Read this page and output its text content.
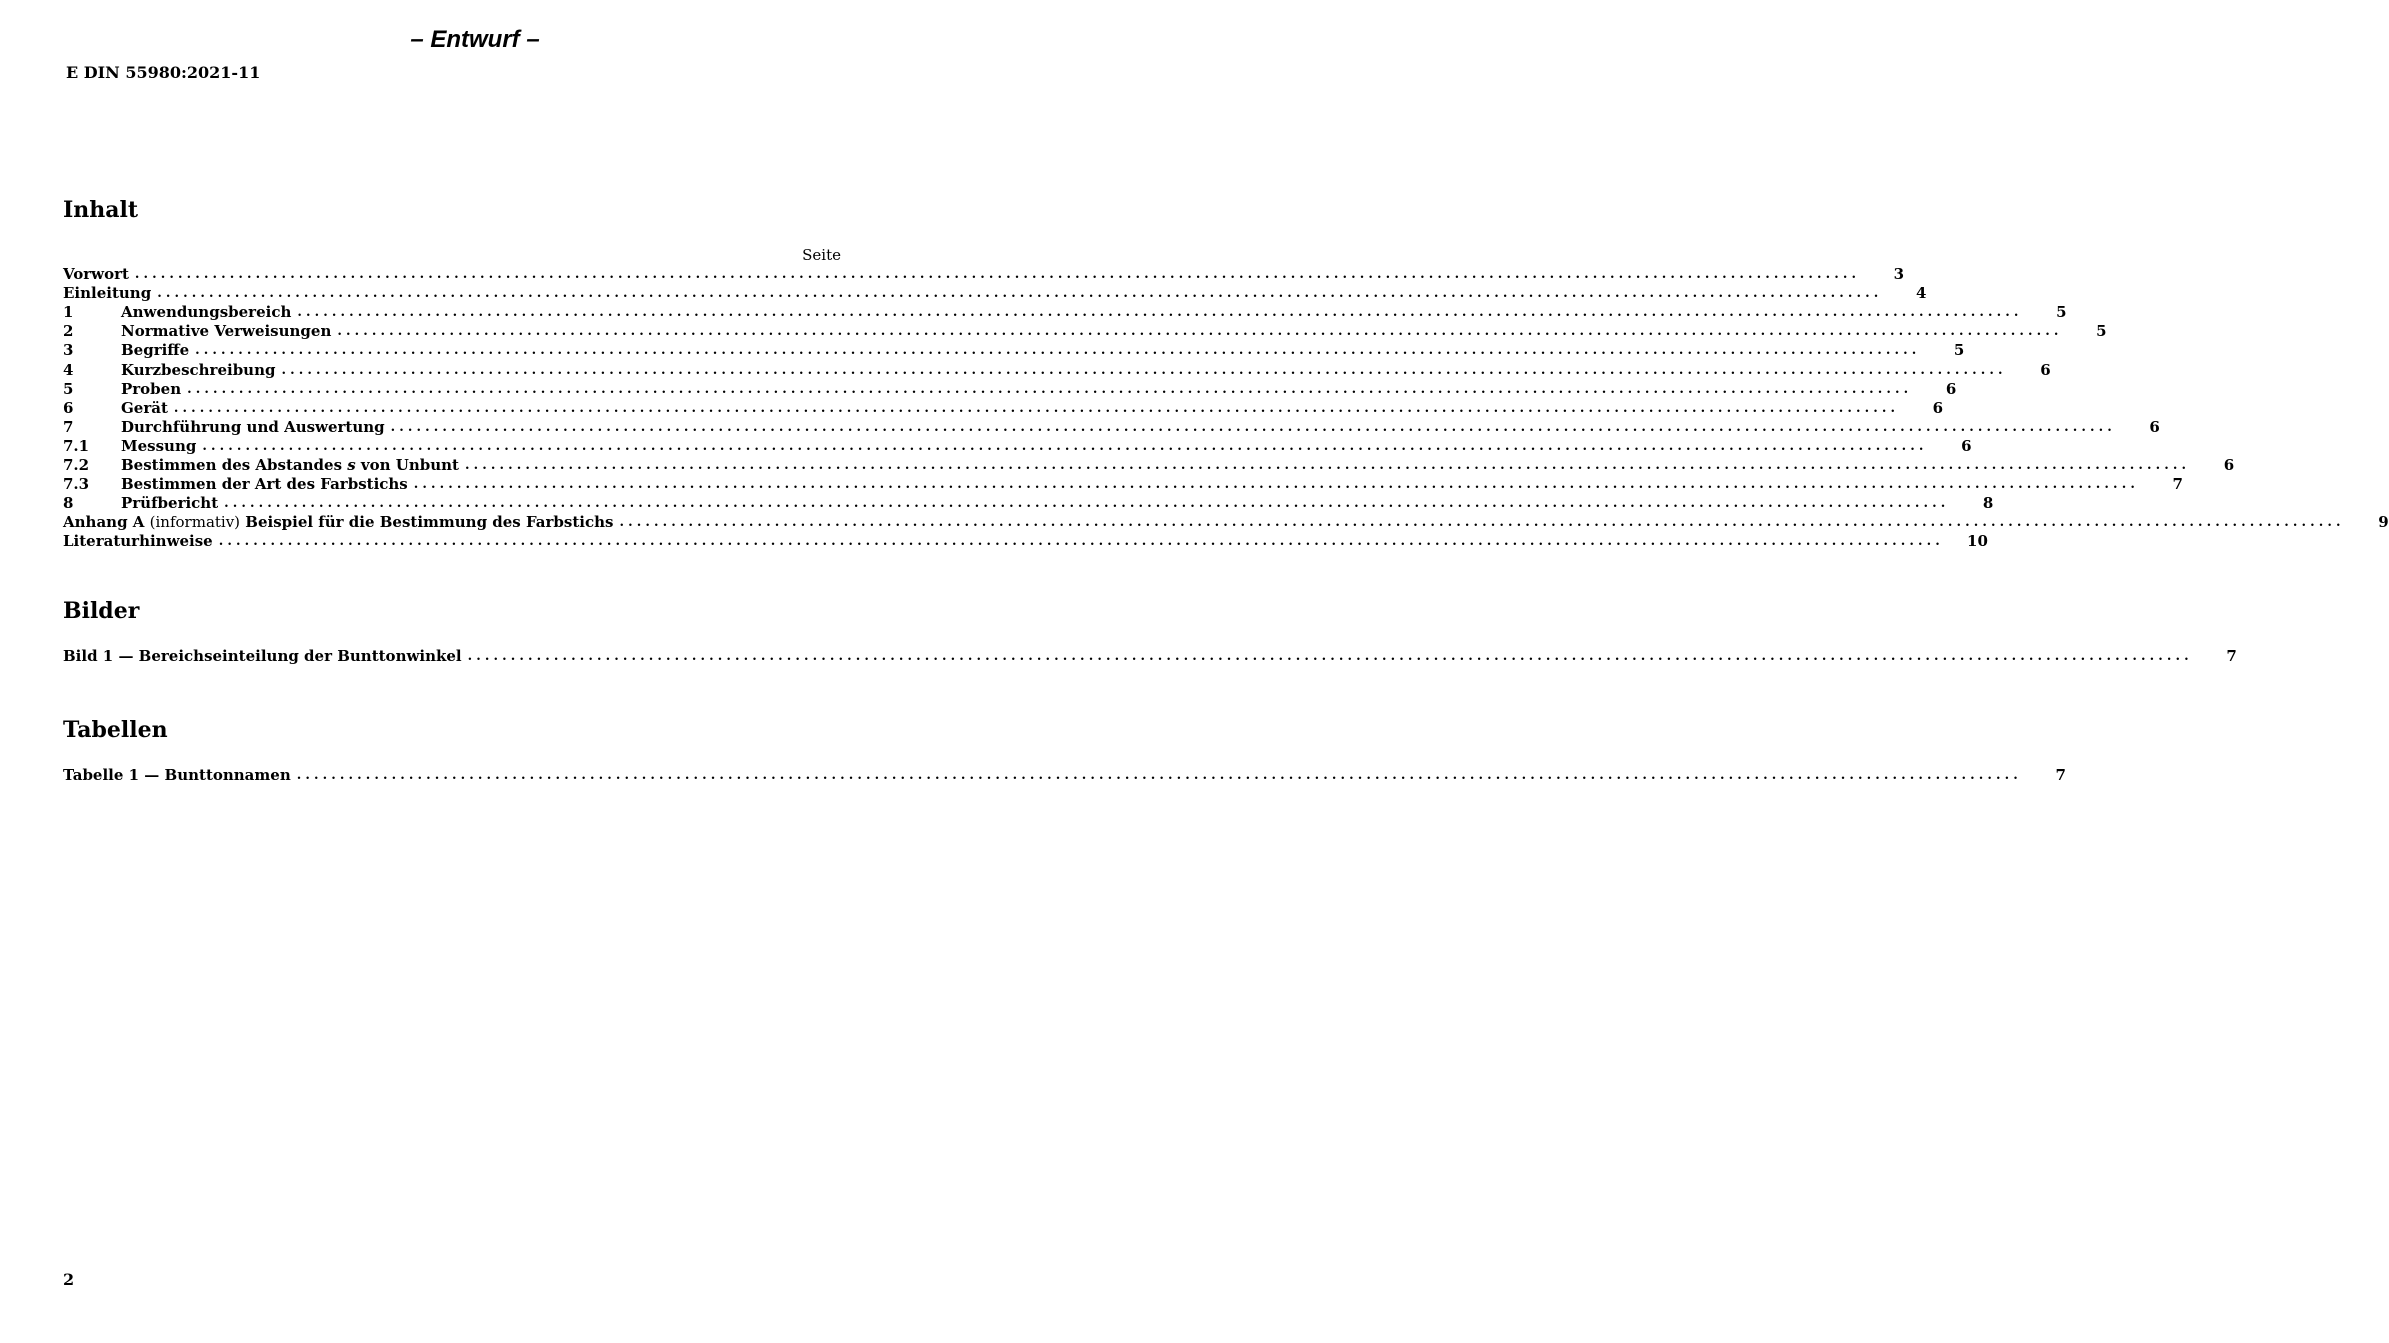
– Entwurf –
E DIN 55980:2021-11
Inhalt
Seite
Vorwort ........................................................................................................................................................................................................	3
Einleitung ........................................................................................................................................................................................................	4
1	Anwendungsbereich ........................................................................................................................................................................................................	5
2	Normative Verweisungen ........................................................................................................................................................................................................	5
3	Begriffe ........................................................................................................................................................................................................	5
4	Kurzbeschreibung ........................................................................................................................................................................................................	6
5	Proben ........................................................................................................................................................................................................	6
6	Gerät ........................................................................................................................................................................................................	6
7	Durchführung und Auswertung ........................................................................................................................................................................................................	6
7.1	Messung ........................................................................................................................................................................................................	6
7.2	Bestimmen des Abstandes s von Unbunt ........................................................................................................................................................................................................	6
7.3	Bestimmen der Art des Farbstichs ........................................................................................................................................................................................................	7
8	Prüfbericht ........................................................................................................................................................................................................	8
Anhang A (informativ) Beispiel für die Bestimmung des Farbstichs ........................................................................................................................................................................................................	9
Literaturhinweise ........................................................................................................................................................................................................	10
Bilder
Bild 1 — Bereichseinteilung der Bunttonwinkel ........................................................................................................................................................................................................	7
Tabellen
Tabelle 1 — Bunttonnamen ........................................................................................................................................................................................................	7
2
